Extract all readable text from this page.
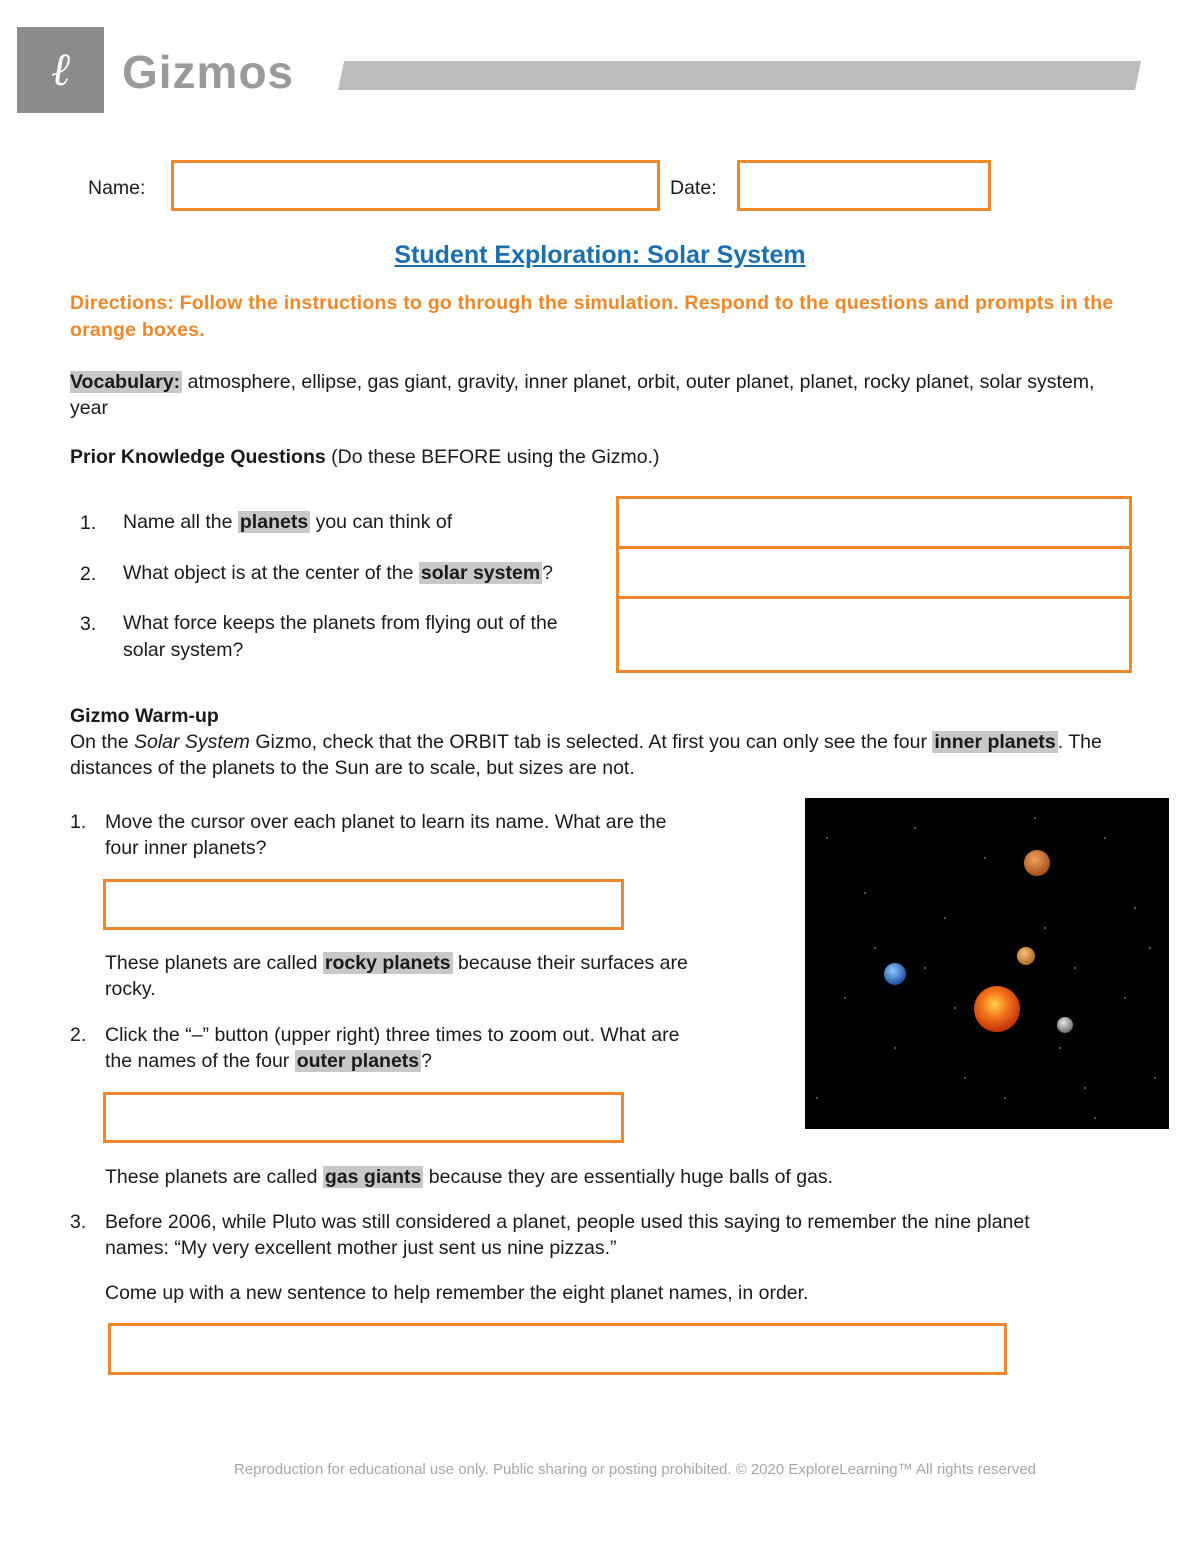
ℓ	Gizmos
Name:	Date:
Student Exploration: Solar System
Directions: Follow the instructions to go through the simulation. Respond to the questions and prompts in the orange boxes.
Vocabulary: atmosphere, ellipse, gas giant, gravity, inner planet, orbit, outer planet, planet, rocky planet, solar system, year
Prior Knowledge Questions (Do these BEFORE using the Gizmo.)
1. Name all the planets you can think of
2. What object is at the center of the solar system ?
3. What force keeps the planets from flying out of the
solar system?
Gizmo Warm-up
On the Solar System Gizmo, check that the ORBIT tab is selected. At first you can only see the four inner planets . The distances of the planets to the Sun are to scale, but sizes are not.
1. Move the cursor over each planet to learn its name. What are the
four inner planets?
These planets are called rocky planets because their surfaces are
rocky.
2. Click the “–” button (upper right) three times to zoom out. What are
the names of the four outer planets ?
These planets are called gas giants because they are essentially huge balls of gas.
3. Before 2006, while Pluto was still considered a planet, people used this saying to remember the nine planet
names: “My very excellent mother just sent us nine pizzas.”
Come up with a new sentence to help remember the eight planet names, in order.
Reproduction for educational use only. Public sharing or posting prohibited. © 2020 ExploreLearning™ All rights reserved
